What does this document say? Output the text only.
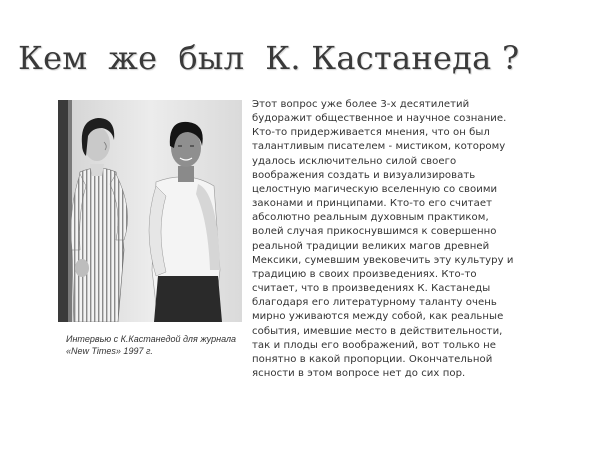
Кем  же  был  К. Кастанеда ?

Интервью с К.Кастанедой для журнала «New Times» 1997 г.

Этот вопрос уже более 3-х десятилетий
будоражит общественное и научное сознание.
Кто-то придерживается мнения, что он был
талантливым писателем - мистиком, которому
удалось исключительно силой своего
воображения создать и визуализировать
целостную магическую вселенную со своими
законами и принципами. Кто-то его считает
абсолютно реальным духовным практиком,
волей случая прикоснувшимся к совершенно
реальной традиции великих магов древней
Мексики, сумевшим увековечить эту культуру и
традицию в своих произведениях. Кто-то
считает, что в произведениях К. Кастанеды
благодаря его литературному таланту очень
мирно уживаются между собой, как реальные
события, имевшие место в действительности,
так и плоды его воображений, вот только не
понятно в какой пропорции. Окончательной
ясности в этом вопросе нет до сих пор.
